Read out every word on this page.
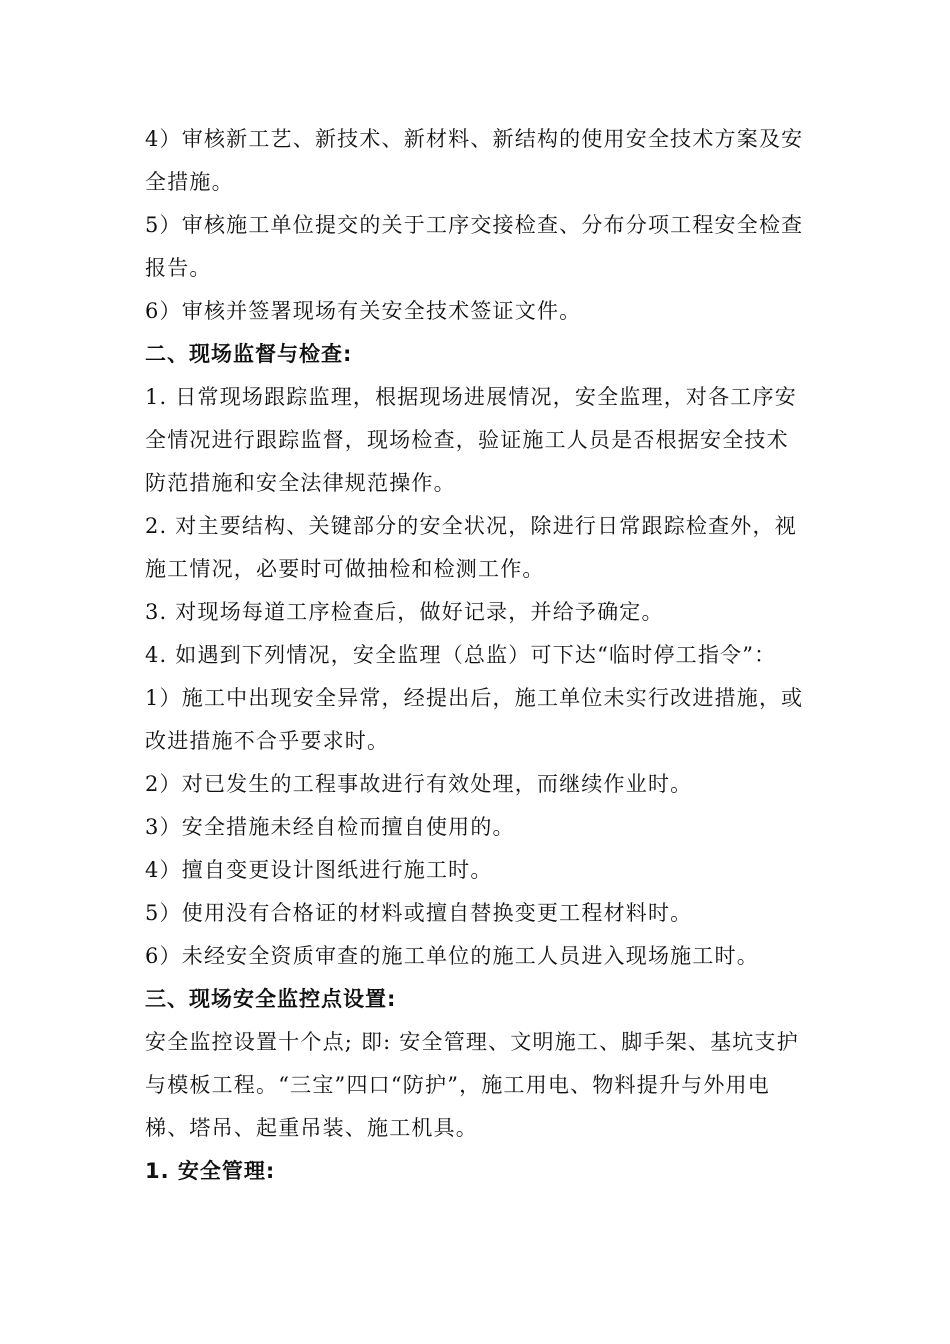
4）审核新工艺、新技术、新材料、新结构的使用安全技术方案及安全措施。

5）审核施工单位提交的关于工序交接检查、分布分项工程安全检查报告。

6）审核并签署现场有关安全技术签证文件。

二、现场监督与检查:

1. 日常现场跟踪监理，根据现场进展情况，安全监理，对各工序安全情况进行跟踪监督，现场检查，验证施工人员是否根据安全技术防范措施和安全法律规范操作。

2. 对主要结构、关键部分的安全状况，除进行日常跟踪检查外，视施工情况，必要时可做抽检和检测工作。

3. 对现场每道工序检查后，做好记录，并给予确定。

4. 如遇到下列情况，安全监理（总监）可下达“临时停工指令”：

1）施工中出现安全异常，经提出后，施工单位未实行改进措施，或改进措施不合乎要求时。

2）对已发生的工程事故进行有效处理，而继续作业时。

3）安全措施未经自检而擅自使用的。

4）擅自变更设计图纸进行施工时。

5）使用没有合格证的材料或擅自替换变更工程材料时。

6）未经安全资质审查的施工单位的施工人员进入现场施工时。

三、现场安全监控点设置:

安全监控设置十个点; 即: 安全管理、文明施工、脚手架、基坑支护与模板工程。“三宝”四口“防护”，施工用电、物料提升与外用电梯、塔吊、起重吊装、施工机具。

1. 安全管理:
